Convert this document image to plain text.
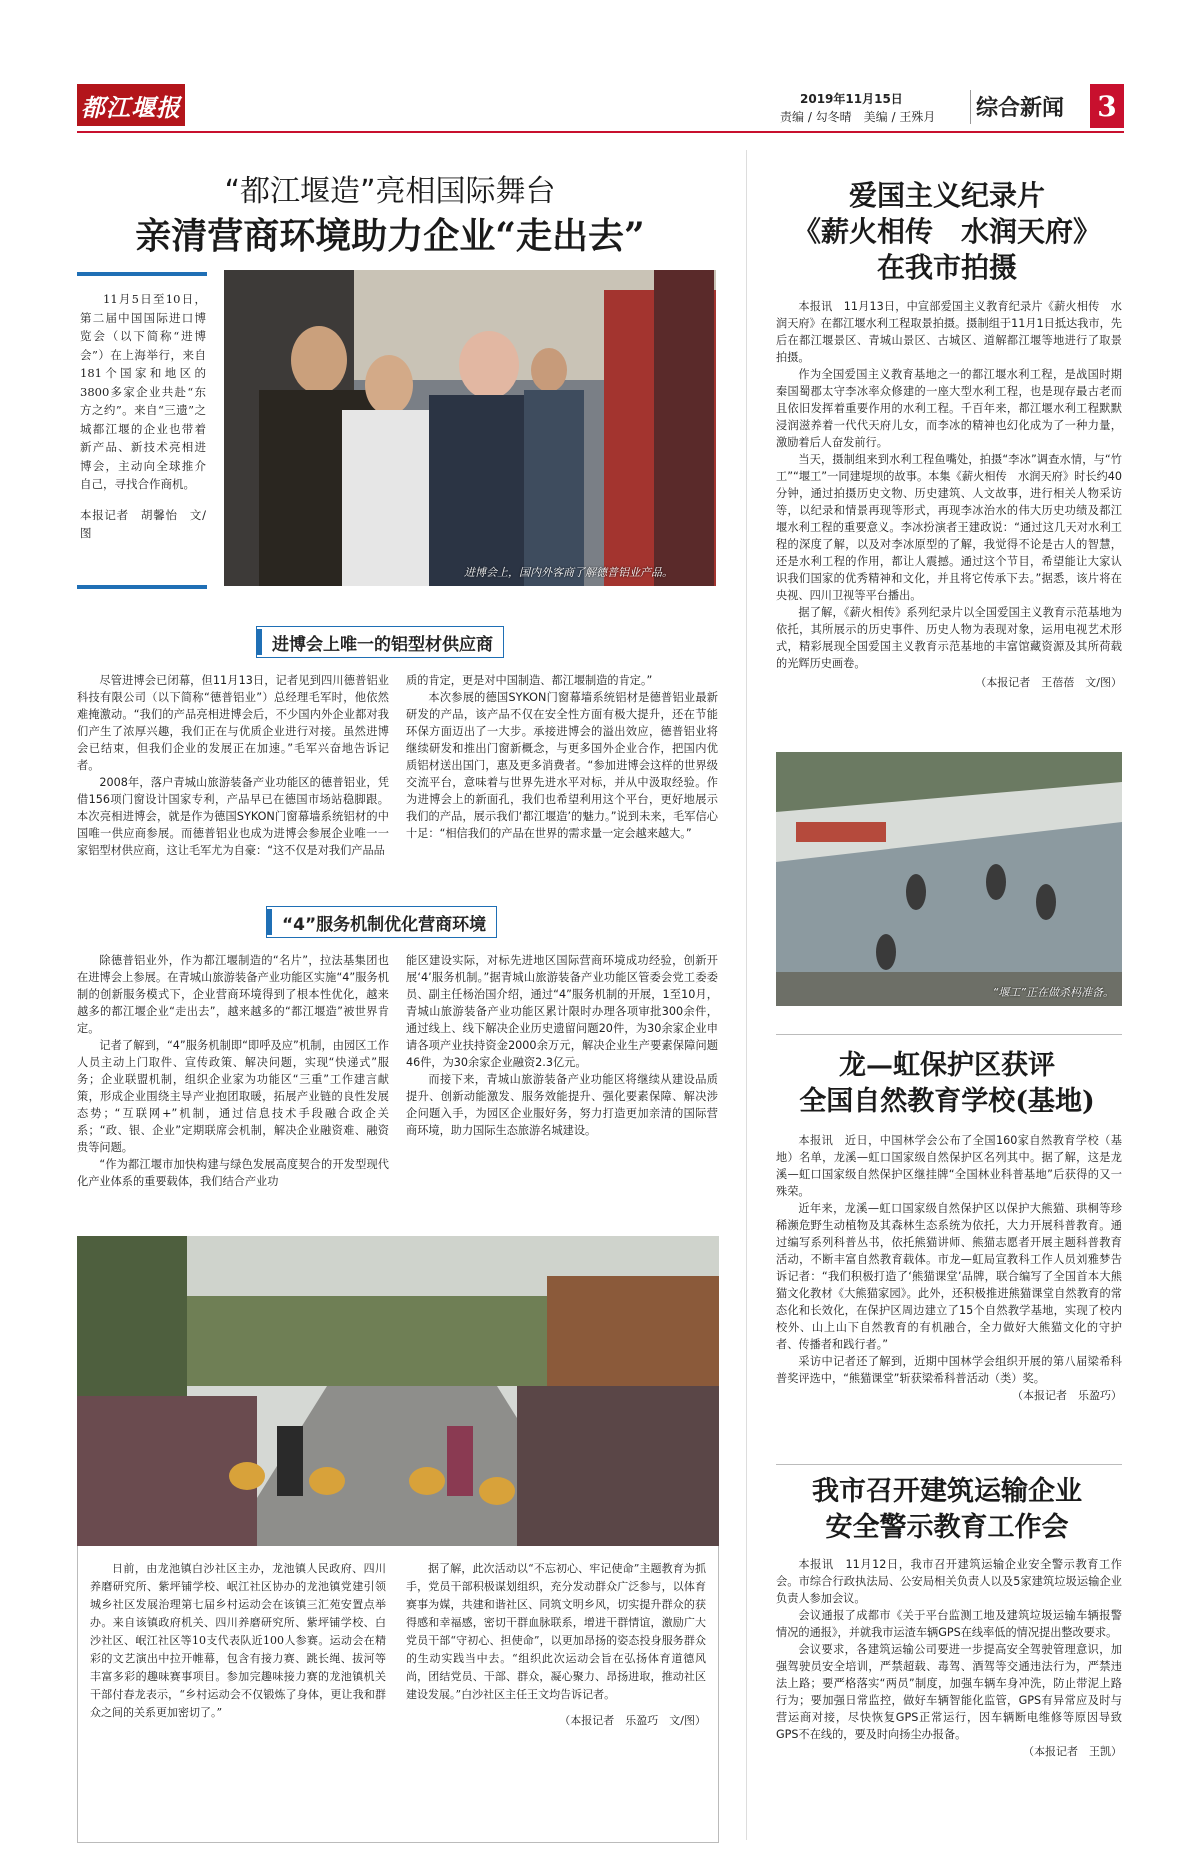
都江堰报	2019年11月15日
责编 / 勾冬晴　美编 / 王殊月	综合新闻	3
“都江堰造”亮相国际舞台
亲清营商环境助力企业“走出去”

11月5日至10日，第二届中国国际进口博览会（以下简称“进博会”）在上海举行，来自181个国家和地区的3800多家企业共赴“东方之约”。来自“三遗”之城都江堰的企业也带着新产品、新技术亮相进博会，主动向全球推介自己，寻找合作商机。

本报记者　胡馨怡　文/图

进博会上，国内外客商了解德普铝业产品。
进博会上唯一的铝型材供应商

尽管进博会已闭幕，但11月13日，记者见到四川德普铝业科技有限公司（以下简称“德普铝业”）总经理毛军时，他依然难掩激动。“我们的产品亮相进博会后，不少国内外企业都对我们产生了浓厚兴趣，我们正在与优质企业进行对接。虽然进博会已结束，但我们企业的发展正在加速。”毛军兴奋地告诉记者。

2008年，落户青城山旅游装备产业功能区的德普铝业，凭借156项门窗设计国家专利，产品早已在德国市场站稳脚跟。本次亮相进博会，就是作为德国SYKON门窗幕墙系统铝材的中国唯一供应商参展。而德普铝业也成为进博会参展企业唯一一家铝型材供应商，这让毛军尤为自豪：“这不仅是对我们产品品

质的肯定，更是对中国制造、都江堰制造的肯定。”

本次参展的德国SYKON门窗幕墙系统铝材是德普铝业最新研发的产品，该产品不仅在安全性方面有极大提升，还在节能环保方面迈出了一大步。承接进博会的溢出效应，德普铝业将继续研发和推出门窗新概念，与更多国外企业合作，把国内优质铝材送出国门，惠及更多消费者。“参加进博会这样的世界级交流平台，意味着与世界先进水平对标，并从中汲取经验。作为进博会上的新面孔，我们也希望利用这个平台，更好地展示我们的产品，展示我们‘都江堰造’的魅力。”说到未来，毛军信心十足：“相信我们的产品在世界的需求量一定会越来越大。”

“4”服务机制优化营商环境

除德普铝业外，作为都江堰制造的“名片”，拉法基集团也在进博会上参展。在青城山旅游装备产业功能区实施“4”服务机制的创新服务模式下，企业营商环境得到了根本性优化，越来越多的都江堰企业“走出去”，越来越多的“都江堰造”被世界肯定。

记者了解到，“4”服务机制即“即呼及应”机制，由园区工作人员主动上门取件、宣传政策、解决问题，实现“快递式”服务；企业联盟机制，组织企业家为功能区“三重”工作建言献策，形成企业围绕主导产业抱团取暖，拓展产业链的良性发展态势；“互联网+”机制，通过信息技术手段融合政企关系；“政、银、企业”定期联席会机制，解决企业融资难、融资贵等问题。

“作为都江堰市加快构建与绿色发展高度契合的开发型现代化产业体系的重要载体，我们结合产业功

能区建设实际，对标先进地区国际营商环境成功经验，创新开展‘4’服务机制。”据青城山旅游装备产业功能区管委会党工委委员、副主任杨治国介绍，通过“4”服务机制的开展，1至10月，青城山旅游装备产业功能区累计限时办理各项审批300余件，通过线上、线下解决企业历史遗留问题20件，为30余家企业申请各项产业扶持资金2000余万元，解决企业生产要素保障问题46件，为30余家企业融资2.3亿元。

而接下来，青城山旅游装备产业功能区将继续从建设品质提升、创新动能激发、服务效能提升、强化要素保障、解决涉企问题入手，为园区企业服好务，努力打造更加亲清的国际营商环境，助力国际生态旅游名城建设。

日前，由龙池镇白沙社区主办，龙池镇人民政府、四川养磨研究所、紫坪铺学校、岷江社区协办的龙池镇党建引领城乡社区发展治理第七届乡村运动会在该镇三汇苑安置点举办。来自该镇政府机关、四川养磨研究所、紫坪铺学校、白沙社区、岷江社区等10支代表队近100人参赛。运动会在精彩的文艺演出中拉开帷幕，包含有接力赛、跳长绳、拔河等丰富多彩的趣味赛事项目。参加完趣味接力赛的龙池镇机关干部付春龙表示，“乡村运动会不仅锻炼了身体，更让我和群众之间的关系更加密切了。”

据了解，此次活动以“不忘初心、牢记使命”主题教育为抓手，党员干部积极谋划组织，充分发动群众广泛参与，以体育赛事为媒，共建和谐社区、同筑文明乡风，切实提升群众的获得感和幸福感，密切干群血脉联系，增进干群情谊，激励广大党员干部“守初心、担使命”，以更加昂扬的姿态投身服务群众的生动实践当中去。“组织此次运动会旨在弘扬体育道德风尚，团结党员、干部、群众，凝心聚力、昂扬进取，推动社区建设发展。”白沙社区主任王文均告诉记者。

（本报记者　乐盈巧　文/图）

爱国主义纪录片
《薪火相传　水润天府》
在我市拍摄

本报讯　11月13日，中宣部爱国主义教育纪录片《薪火相传　水润天府》在都江堰水利工程取景拍摄。摄制组于11月1日抵达我市，先后在都江堰景区、青城山景区、古城区、道解都江堰等地进行了取景拍摄。

作为全国爱国主义教育基地之一的都江堰水利工程，是战国时期秦国蜀郡太守李冰率众修建的一座大型水利工程，也是现存最古老而且依旧发挥着重要作用的水利工程。千百年来，都江堰水利工程默默浸润滋养着一代代天府儿女，而李冰的精神也幻化成为了一种力量，激励着后人奋发前行。

当天，摄制组来到水利工程鱼嘴处，拍摄“李冰”调查水情，与“竹工”“堰工”一同建堤坝的故事。本集《薪火相传　水润天府》时长约40分钟，通过拍摄历史文物、历史建筑、人文故事，进行相关人物采访等，以纪录和情景再现等形式，再现李冰治水的伟大历史功绩及都江堰水利工程的重要意义。李冰扮演者王建政说：“通过这几天对水利工程的深度了解，以及对李冰原型的了解，我觉得不论是古人的智慧，还是水利工程的作用，都让人震撼。通过这个节目，希望能让大家认识我们国家的优秀精神和文化，并且将它传承下去。”据悉，该片将在央视、四川卫视等平台播出。

据了解，《薪火相传》系列纪录片以全国爱国主义教育示范基地为依托，其所展示的历史事件、历史人物为表现对象，运用电视艺术形式，精彩展现全国爱国主义教育示范基地的丰富馆藏资源及其所荷载的光辉历史画卷。

（本报记者　王蓓蓓　文/图）

“堰工”正在做杀杩准备。
龙—虹保护区获评
全国自然教育学校(基地)

本报讯　近日，中国林学会公布了全国160家自然教育学校（基地）名单，龙溪—虹口国家级自然保护区名列其中。据了解，这是龙溪—虹口国家级自然保护区继挂牌“全国林业科普基地”后获得的又一殊荣。

近年来，龙溪—虹口国家级自然保护区以保护大熊猫、珙桐等珍稀濒危野生动植物及其森林生态系统为依托，大力开展科普教育。通过编写系列科普丛书，依托熊猫讲师、熊猫志愿者开展主题科普教育活动，不断丰富自然教育载体。市龙—虹局宣教科工作人员刘雅梦告诉记者：“我们积极打造了‘熊猫课堂’品牌，联合编写了全国首本大熊猫文化教材《大熊猫家园》。此外，还积极推进熊猫课堂自然教育的常态化和长效化，在保护区周边建立了15个自然教学基地，实现了校内校外、山上山下自然教育的有机融合，全力做好大熊猫文化的守护者、传播者和践行者。”

采访中记者还了解到，近期中国林学会组织开展的第八届梁希科普奖评选中，“熊猫课堂”斩获梁希科普活动（类）奖。

（本报记者　乐盈巧）

我市召开建筑运输企业
安全警示教育工作会

本报讯　11月12日，我市召开建筑运输企业安全警示教育工作会。市综合行政执法局、公安局相关负责人以及5家建筑垃圾运输企业负责人参加会议。

会议通报了成都市《关于平台监测工地及建筑垃圾运输车辆报警情况的通报》，并就我市运渣车辆GPS在线率低的情况提出整改要求。

会议要求，各建筑运输公司要进一步提高安全驾驶管理意识，加强驾驶员安全培训，严禁超载、毒驾、酒驾等交通违法行为，严禁违法上路；要严格落实“两员”制度，加强车辆车身冲洗，防止带泥上路行为；要加强日常监控，做好车辆智能化监管，GPS有异常应及时与营运商对接，尽快恢复GPS正常运行，因车辆断电维修等原因导致GPS不在线的，要及时向扬尘办报备。

（本报记者　王凯）
